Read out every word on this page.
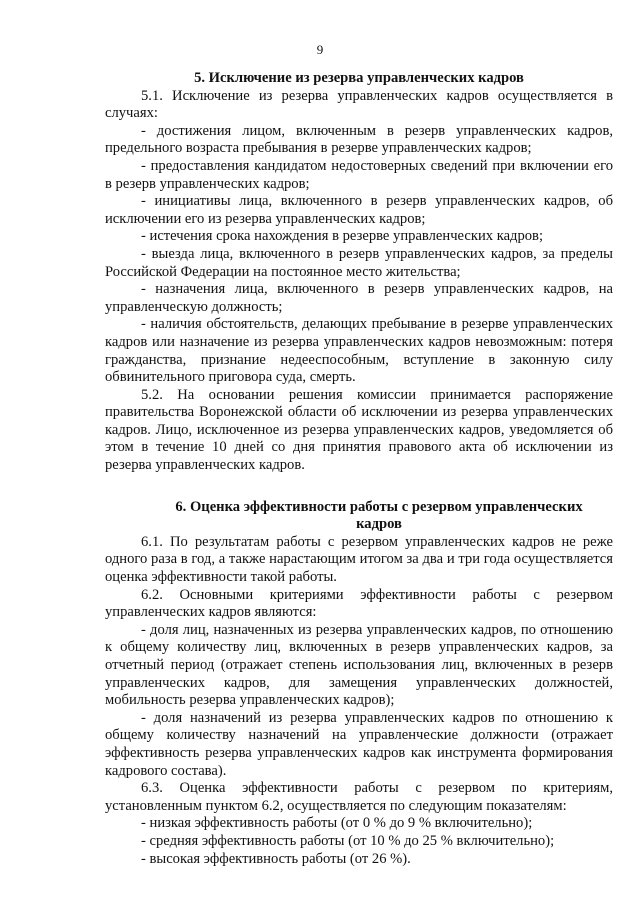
9
5. Исключение из резерва управленческих кадров

5.1. Исключение из резерва управленческих кадров осуществляется в случаях:

- достижения лицом, включенным в резерв управленческих кадров, предельного возраста пребывания в резерве управленческих кадров;

- предоставления кандидатом недостоверных сведений при включении его в резерв управленческих кадров;

- инициативы лица, включенного в резерв управленческих кадров, об исключении его из резерва управленческих кадров;

- истечения срока нахождения в резерве управленческих кадров;

- выезда лица, включенного в резерв управленческих кадров, за пределы Российской Федерации на постоянное место жительства;

- назначения лица, включенного в резерв управленческих кадров, на управленческую должность;

- наличия обстоятельств, делающих пребывание в резерве управленческих кадров или назначение из резерва управленческих кадров невозможным: потеря гражданства, признание недееспособным, вступление в законную силу обвинительного приговора суда, смерть.

5.2. На основании решения комиссии принимается распоряжение правительства Воронежской области об исключении из резерва управленческих кадров. Лицо, исключенное из резерва управленческих кадров, уведомляется об этом в течение 10 дней со дня принятия правового акта об исключении из резерва управленческих кадров.

6. Оценка эффективности работы с резервом управленческих
кадров

6.1. По результатам работы с резервом управленческих кадров не реже одного раза в год, а также нарастающим итогом за два и три года осуществляется оценка эффективности такой работы.

6.2. Основными критериями эффективности работы с резервом управленческих кадров являются:

- доля лиц, назначенных из резерва управленческих кадров, по отношению к общему количеству лиц, включенных в резерв управленческих кадров, за отчетный период (отражает степень использования лиц, включенных в резерв управленческих кадров, для замещения управленческих должностей, мобильность резерва управленческих кадров);

- доля назначений из резерва управленческих кадров по отношению к общему количеству назначений на управленческие должности (отражает эффективность резерва управленческих кадров как инструмента формирования кадрового состава).

6.3. Оценка эффективности работы с резервом по критериям, установленным пунктом 6.2, осуществляется по следующим показателям:

- низкая эффективность работы (от 0 % до 9 % включительно);

- средняя эффективность работы (от 10 % до 25 % включительно);

- высокая эффективность работы (от 26 %).
